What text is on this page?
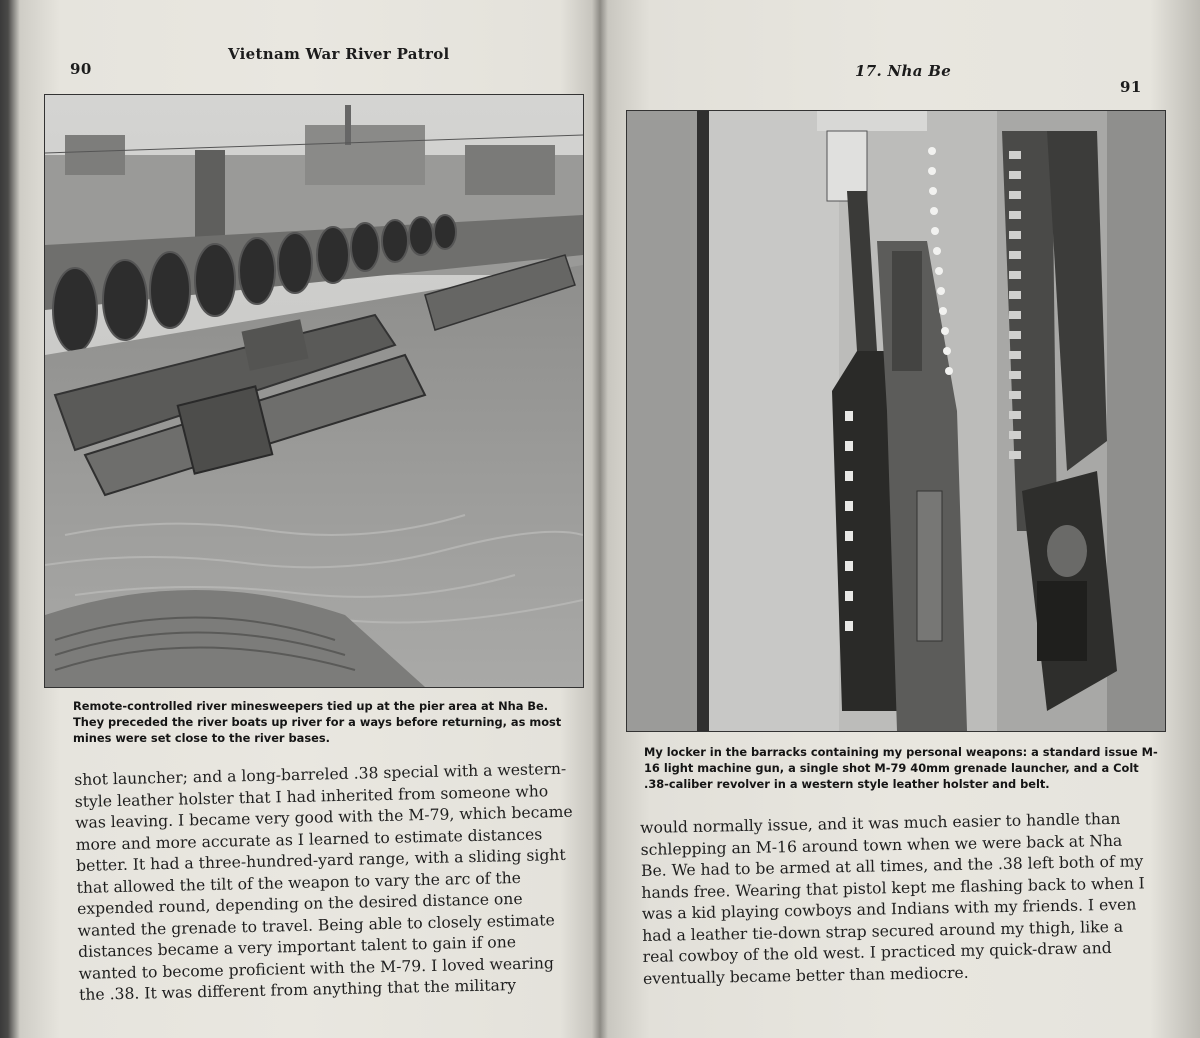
90
Vietnam War River Patrol
Remote-controlled river minesweepers tied up at the pier area at Nha Be. They preceded the river boats up river for a ways before returning, as most mines were set close to the river bases.

shot launcher; and a long-barreled .38 special with a western-style leather holster that I had inherited from someone who was leaving. I became very good with the M-79, which became more and more accurate as I learned to estimate distances better. It had a three-hundred-yard range, with a sliding sight that allowed the tilt of the weapon to vary the arc of the expended round, depending on the desired distance one wanted the grenade to travel. Being able to closely estimate distances became a very important talent to gain if one wanted to become proficient with the M-79. I loved wearing the .38. It was different from anything that the military

17. Nha Be
91
My locker in the barracks containing my personal weapons: a standard issue M-16 light machine gun, a single shot M-79 40mm grenade launcher, and a Colt .38-caliber revolver in a western style leather holster and belt.

would normally issue, and it was much easier to handle than schlepping an M-16 around town when we were back at Nha Be. We had to be armed at all times, and the .38 left both of my hands free. Wearing that pistol kept me flashing back to when I was a kid playing cowboys and Indians with my friends. I even had a leather tie-down strap secured around my thigh, like a real cowboy of the old west. I practiced my quick-draw and eventually became better than mediocre.
